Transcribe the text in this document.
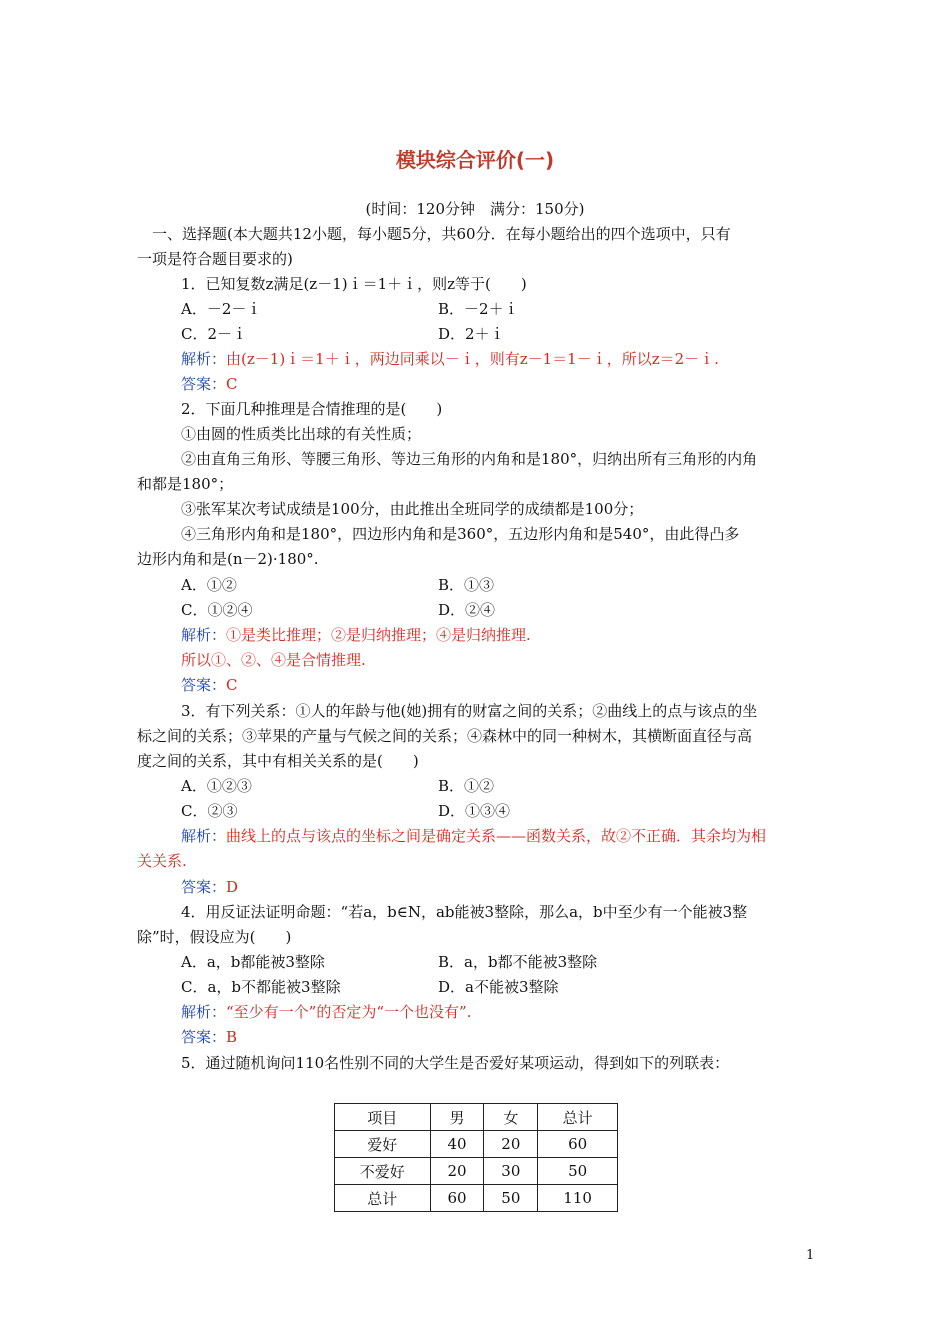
模块综合评价(一)
(时间：120分钟　满分：150分)
　一、选择题(本大题共12小题，每小题5分，共60分．在每小题给出的四个选项中，只有
一项是符合题目要求的)
1．已知复数z满足(z－1)ｉ＝1＋ｉ，则z等于(　　)
A．－2－ｉ	B．－2＋ｉ
C．2－ｉ	D．2＋ｉ
解析：由(z－1)ｉ＝1＋ｉ，两边同乘以－ｉ，则有z－1＝1－ｉ，所以z＝2－ｉ.
答案：C
2．下面几种推理是合情推理的是(　　)
①由圆的性质类比出球的有关性质；
②由直角三角形、等腰三角形、等边三角形的内角和是180°，归纳出所有三角形的内角
和都是180°；
③张军某次考试成绩是100分，由此推出全班同学的成绩都是100分；
④三角形内角和是180°，四边形内角和是360°，五边形内角和是540°，由此得凸多
边形内角和是(n－2)·180°.
A．①②	B．①③
C．①②④	D．②④
解析：①是类比推理；②是归纳推理；④是归纳推理.
所以①、②、④是合情推理.
答案：C
3．有下列关系：①人的年龄与他(她)拥有的财富之间的关系；②曲线上的点与该点的坐
标之间的关系；③苹果的产量与气候之间的关系；④森林中的同一种树木，其横断面直径与高
度之间的关系，其中有相关关系的是(　　)
A．①②③	B．①②
C．②③	D．①③④
解析：曲线上的点与该点的坐标之间是确定关系——函数关系，故②不正确．其余均为相
关关系.
答案：D
4．用反证法证明命题：“若a，b∈N，ab能被3整除，那么a，b中至少有一个能被3整
除”时，假设应为(　　)
A．a，b都能被3整除	B．a，b都不能被3整除
C．a，b不都能被3整除	D．a不能被3整除
解析：“至少有一个”的否定为“一个也没有”.
答案：B
5．通过随机询问110名性别不同的大学生是否爱好某项运动，得到如下的列联表：
项目	男	女	总计
爱好	40	20	60
不爱好	20	30	50
总计	60	50	110
1
